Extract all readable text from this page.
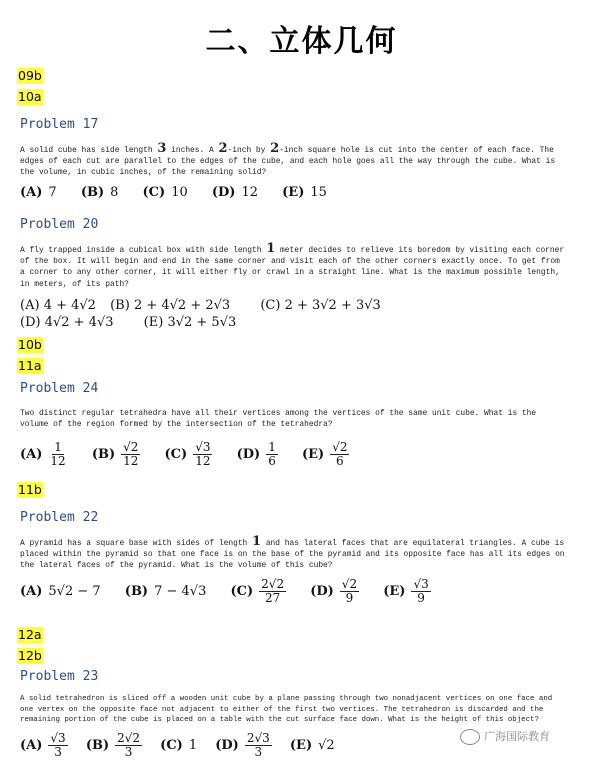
二、立体几何
09b
10a
10b
11a
11b
12a
12b
Problem 17
A solid cube has side length 3 inches. A 2-inch by 2-inch square hole is cut into the center of each face. The edges of each cut are parallel to the edges of the cube, and each hole goes all the way through the cube. What is the volume, in cubic inches, of the remaining solid?
(A) 7 (B) 8 (C) 10 (D) 12 (E) 15
Problem 20
A fly trapped inside a cubical box with side length 1 meter decides to relieve its boredom by visiting each corner of the box. It will begin and end in the same corner and visit each of the other corners exactly once. To get from a corner to any other corner, it will either fly or crawl in a straight line. What is the maximum possible length, in meters, of its path?
(A) 4 + 4√2 (B) 2 + 4√2 + 2√3 (C) 2 + 3√2 + 3√3
(D) 4√2 + 4√3 (E) 3√2 + 5√3
Problem 24
Two distinct regular tetrahedra have all their vertices among the vertices of the same unit cube. What is the volume of the region formed by the intersection of the tetrahedra?
$(A) \frac{1}{12} (B) \frac{√2}{12} (C) \frac{√3}{12} (D) \frac{1}{6} (E) \frac{√2}{6}$
Problem 22
A pyramid has a square base with sides of length 1 and has lateral faces that are equilateral triangles. A cube is placed within the pyramid so that one face is on the base of the pyramid and its opposite face has all its edges on the lateral faces of the pyramid. What is the volume of this cube?
(A) 5√2 − 7 (B) 7 − 4√3 $(C) \frac{2√2}{27} (D) \frac{√2}{9} (E) \frac{√3}{9}$
Problem 23
A solid tetrahedron is sliced off a wooden unit cube by a plane passing through two nonadjacent vertices on one face and one vertex on the opposite face not adjacent to either of the first two vertices. The tetrahedron is discarded and the remaining portion of the cube is placed on a table with the cut surface face down. What is the height of this object?
$(A) \frac{√3}{3} (B) \frac{2√2}{3} (C)$ 1 $(D) \frac{2√3}{3} (E)$ √2
广海国际教育
